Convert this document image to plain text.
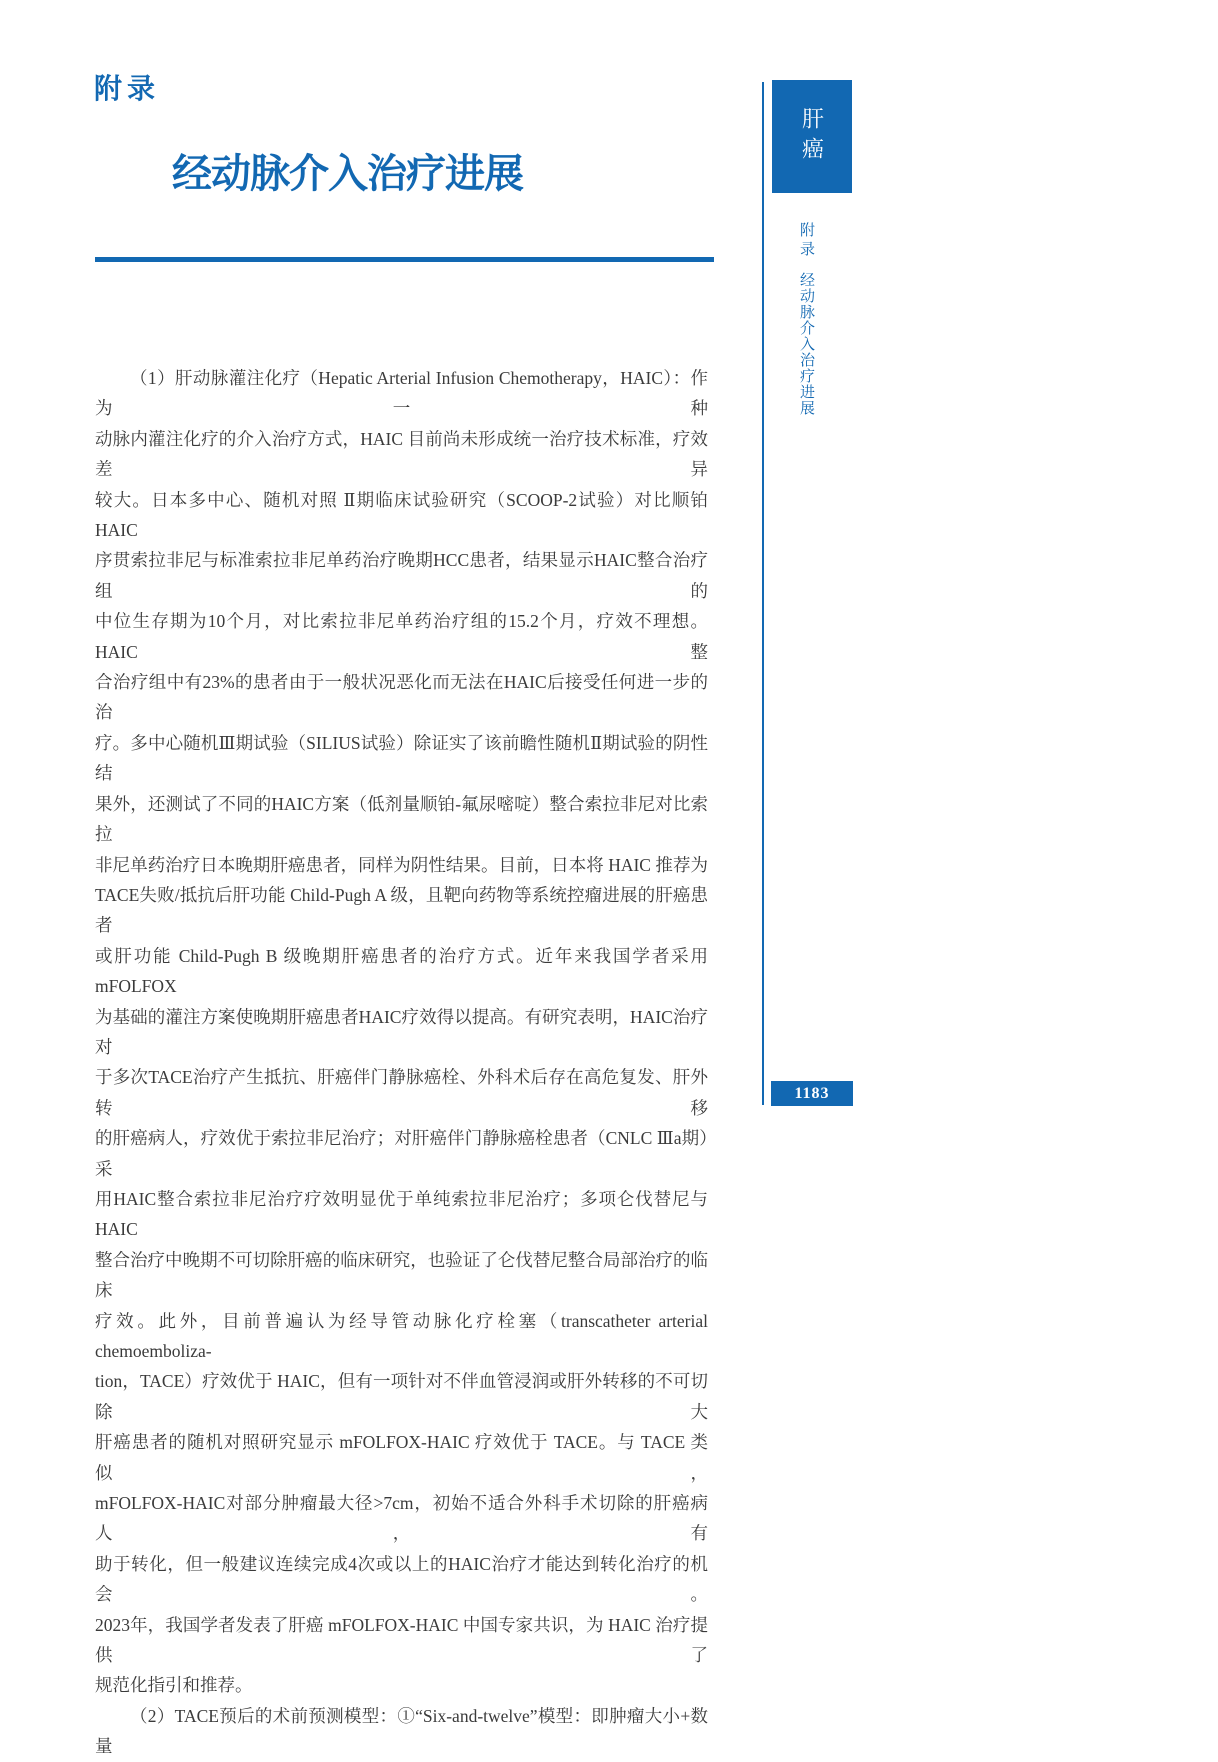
附录
经动脉介入治疗进展
（1）肝动脉灌注化疗（Hepatic Arterial Infusion Chemotherapy，HAIC）：作为一种
动脉内灌注化疗的介入治疗方式，HAIC 目前尚未形成统一治疗技术标准，疗效差异
较大。日本多中心、随机对照 Ⅱ期临床试验研究（SCOOP-2试验）对比顺铂HAIC
序贯索拉非尼与标准索拉非尼单药治疗晚期HCC患者，结果显示HAIC整合治疗组的
中位生存期为10个月，对比索拉非尼单药治疗组的15.2个月，疗效不理想。HAIC整
合治疗组中有23%的患者由于一般状况恶化而无法在HAIC后接受任何进一步的治
疗。多中心随机Ⅲ期试验（SILIUS试验）除证实了该前瞻性随机Ⅱ期试验的阴性结
果外，还测试了不同的HAIC方案（低剂量顺铂-氟尿嘧啶）整合索拉非尼对比索拉
非尼单药治疗日本晚期肝癌患者，同样为阴性结果。目前，日本将 HAIC 推荐为
TACE失败/抵抗后肝功能 Child-Pugh A 级，且靶向药物等系统控瘤进展的肝癌患者
或肝功能 Child-Pugh B 级晚期肝癌患者的治疗方式。近年来我国学者采用mFOLFOX
为基础的灌注方案使晚期肝癌患者HAIC疗效得以提高。有研究表明，HAIC治疗对
于多次TACE治疗产生抵抗、肝癌伴门静脉癌栓、外科术后存在高危复发、肝外转移
的肝癌病人，疗效优于索拉非尼治疗；对肝癌伴门静脉癌栓患者（CNLC Ⅲa期）采
用HAIC整合索拉非尼治疗疗效明显优于单纯索拉非尼治疗；多项仑伐替尼与HAIC
整合治疗中晚期不可切除肝癌的临床研究，也验证了仑伐替尼整合局部治疗的临床
疗效。此外，目前普遍认为经导管动脉化疗栓塞（transcatheter arterial chemoemboliza-
tion，TACE）疗效优于 HAIC，但有一项针对不伴血管浸润或肝外转移的不可切除大
肝癌患者的随机对照研究显示 mFOLFOX-HAIC 疗效优于 TACE。与 TACE 类似，
mFOLFOX-HAIC对部分肿瘤最大径>7cm，初始不适合外科手术切除的肝癌病人，有
助于转化，但一般建议连续完成4次或以上的HAIC治疗才能达到转化治疗的机会。
2023年，我国学者发表了肝癌 mFOLFOX-HAIC 中国专家共识，为 HAIC 治疗提供了
规范化指引和推荐。
（2）TACE预后的术前预测模型：①“Six-and-twelve”模型：即肿瘤大小+数量
肝癌
附录
经动脉介入治疗进展
1183
